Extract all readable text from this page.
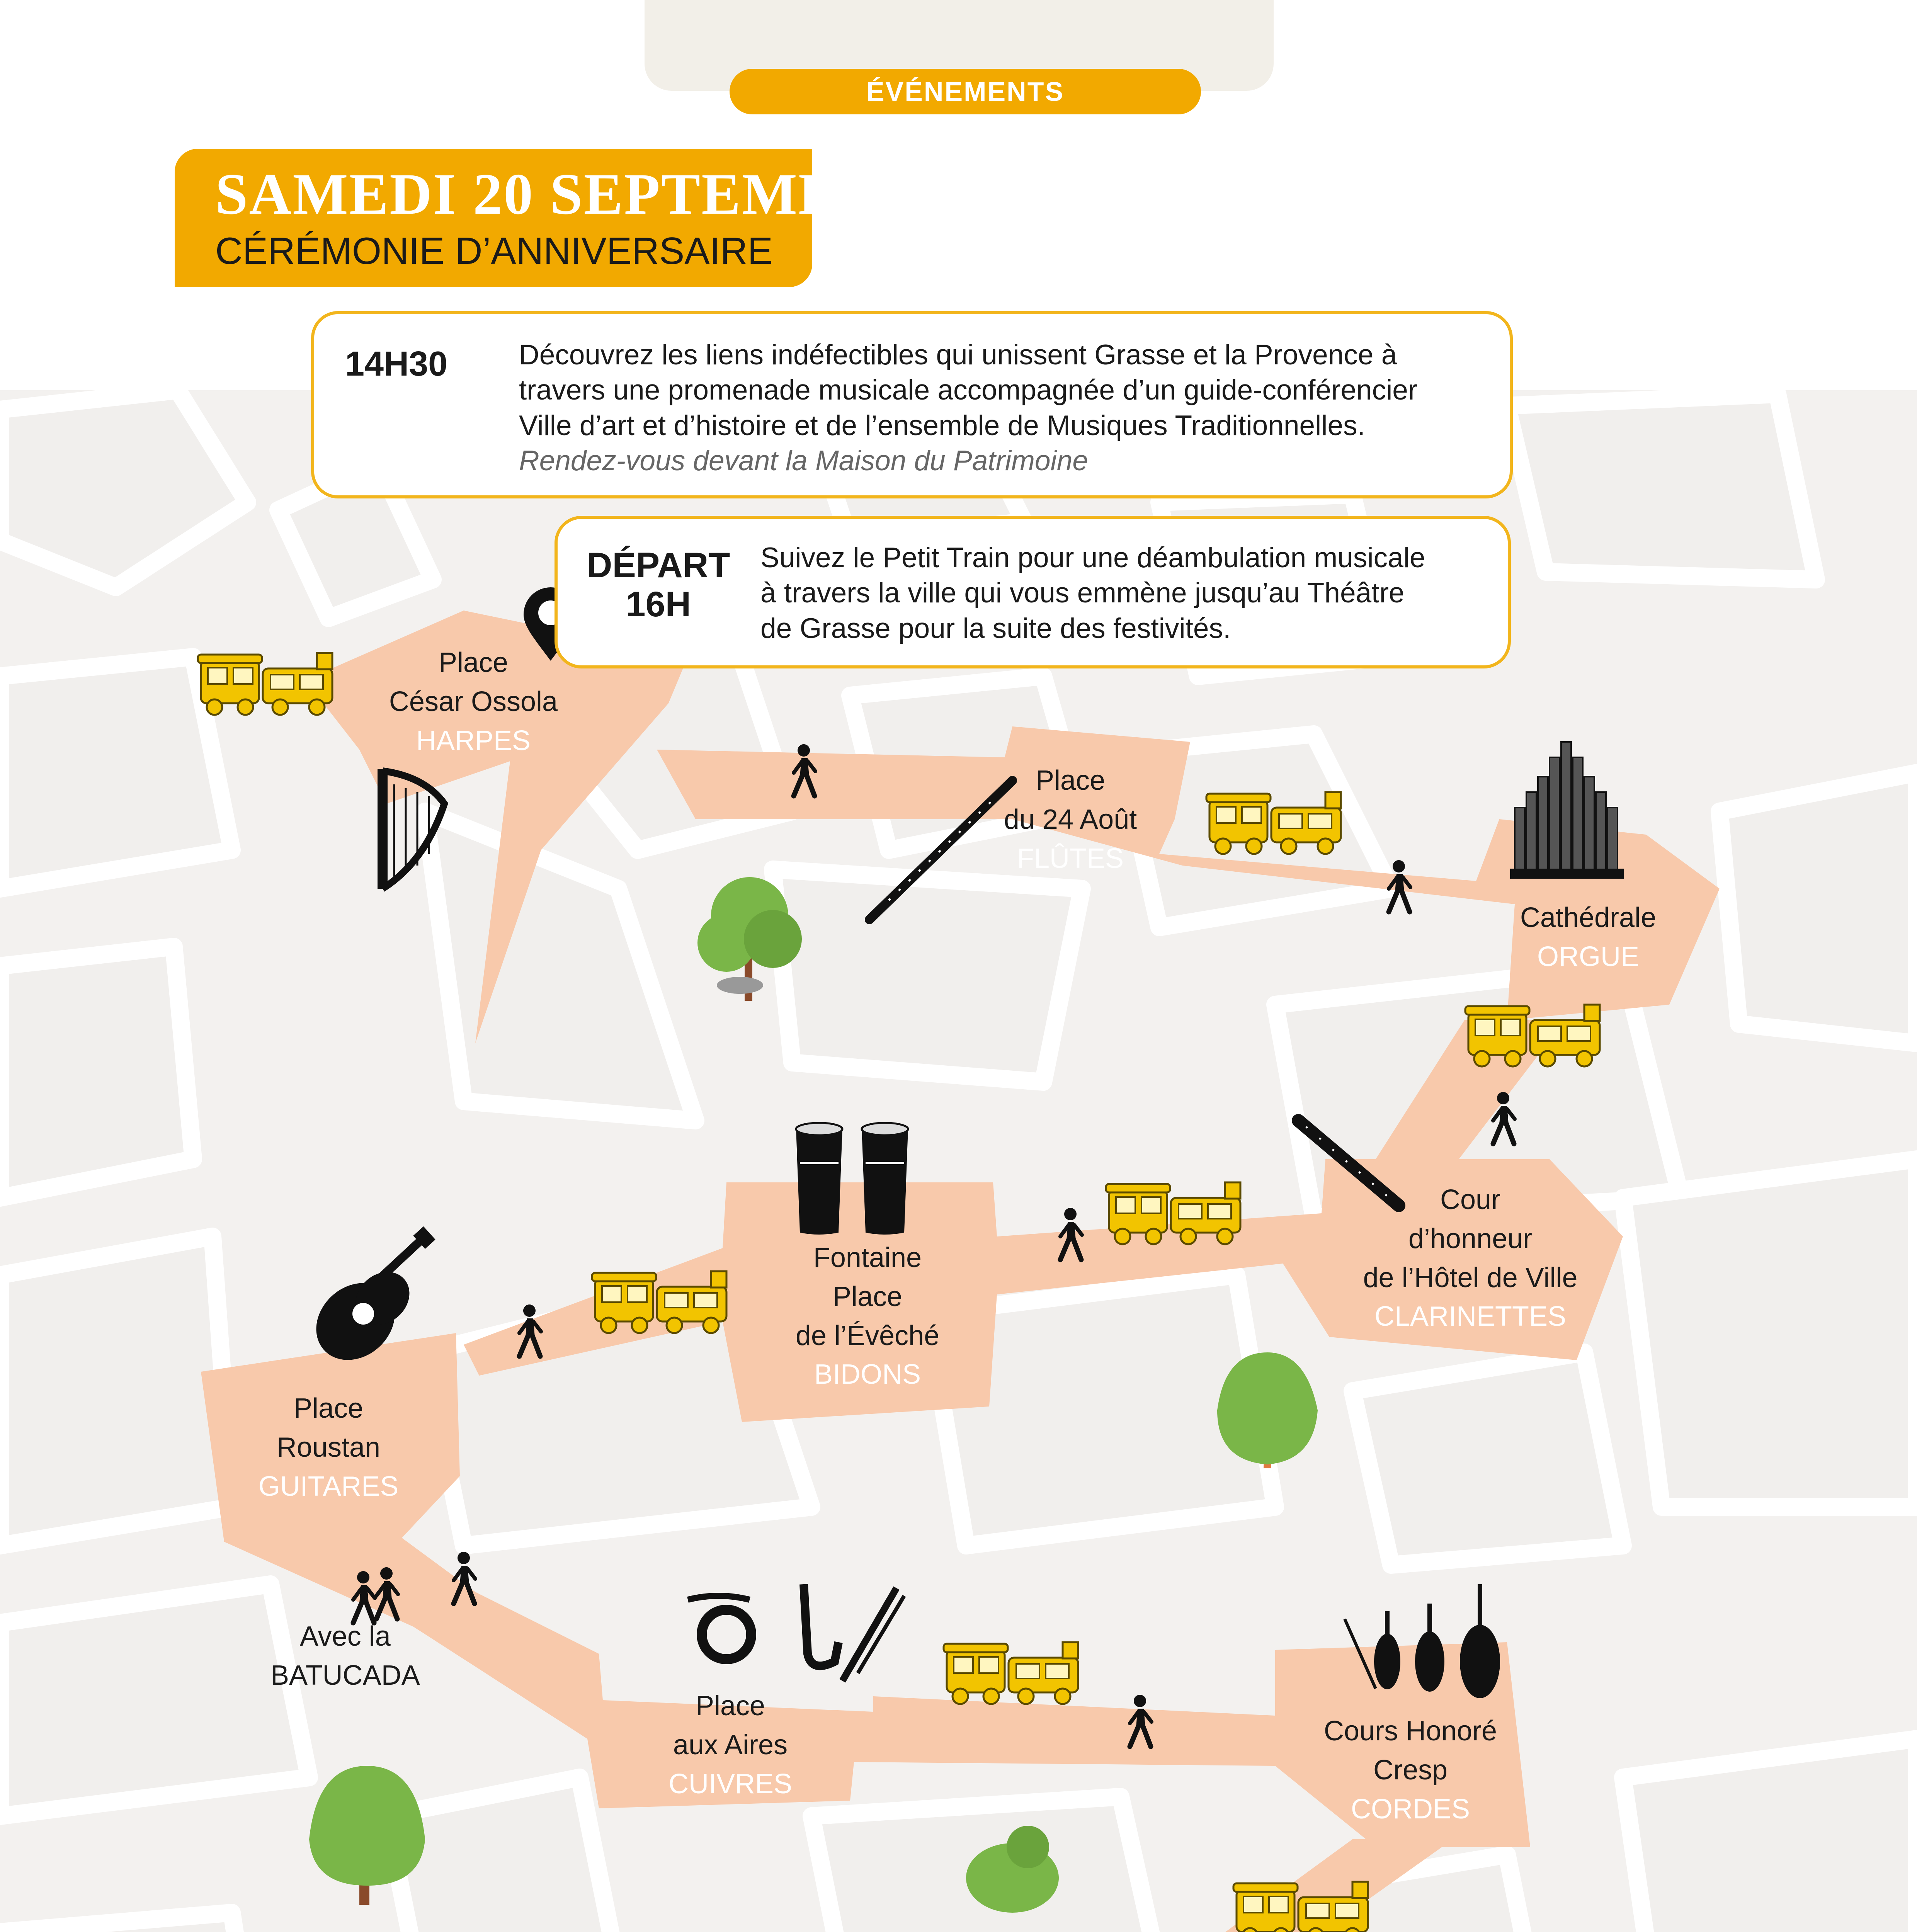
ÉVÉNEMENTS
SAMEDI 20 SEPTEMBRE
CÉRÉMONIE D’ANNIVERSAIRE
14H30	Découvrez les liens indéfectibles qui unissent Grasse et la Provence à
travers une promenade musicale accompagnée d’un guide-conférencier
Ville d’art et d’histoire et de l’ensemble de Musiques Traditionnelles.
Rendez-vous devant la Maison du Patrimoine
DÉPART
16H
Suivez le Petit Train pour une déambulation musicale
à travers la ville qui vous emmène jusqu’au Théâtre
de Grasse pour la suite des festivités.
Place
César Ossola
HARPES
Place
du 24 Août
FLÛTES
Cathédrale
ORGUE
Cour
d’honneur
de l’Hôtel de Ville
CLARINETTES
Fontaine
Place
de l’Évêché
BIDONS
Place
Roustan
GUITARES
Place
aux Aires
CUIVRES
Cours Honoré
Cresp
CORDES
Avec la
BATUCADA
